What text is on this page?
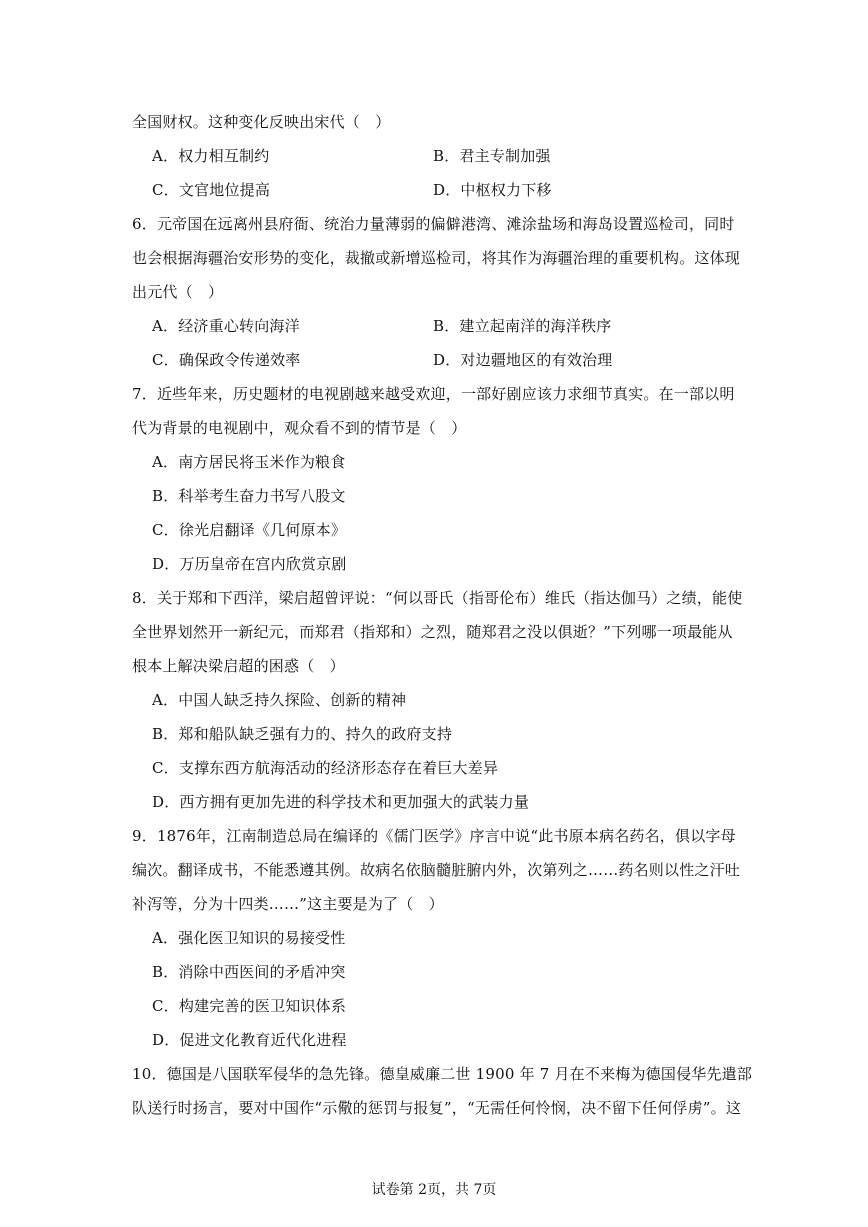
全国财权。这种变化反映出宋代（　）
A．权力相互制约	B．君主专制加强
C．文官地位提高	D．中枢权力下移
6．元帝国在远离州县府衙、统治力量薄弱的偏僻港湾、滩涂盐场和海岛设置巡检司，同时
也会根据海疆治安形势的变化，裁撤或新增巡检司，将其作为海疆治理的重要机构。这体现
出元代（　）
A．经济重心转向海洋	B．建立起南洋的海洋秩序
C．确保政令传递效率	D．对边疆地区的有效治理
7．近些年来，历史题材的电视剧越来越受欢迎，一部好剧应该力求细节真实。在一部以明
代为背景的电视剧中，观众看不到的情节是（　）
A．南方居民将玉米作为粮食
B．科举考生奋力书写八股文
C．徐光启翻译《几何原本》
D．万历皇帝在宫内欣赏京剧
8．关于郑和下西洋，梁启超曾评说：“何以哥氏（指哥伦布）维氏（指达伽马）之绩，能使
全世界划然开一新纪元，而郑君（指郑和）之烈，随郑君之没以俱逝？”下列哪一项最能从
根本上解决梁启超的困惑（　）
A．中国人缺乏持久探险、创新的精神
B．郑和船队缺乏强有力的、持久的政府支持
C．支撑东西方航海活动的经济形态存在着巨大差异
D．西方拥有更加先进的科学技术和更加强大的武装力量
9．1876年，江南制造总局在编译的《儒门医学》序言中说“此书原本病名药名，俱以字母
编次。翻译成书，不能悉遵其例。故病名依脑髓脏腑内外，次第列之……药名则以性之汗吐
补泻等，分为十四类……”这主要是为了（　）
A．强化医卫知识的易接受性
B．消除中西医间的矛盾冲突
C．构建完善的医卫知识体系
D．促进文化教育近代化进程
10．德国是八国联军侵华的急先锋。德皇威廉二世 1900 年 7 月在不来梅为德国侵华先遣部
队送行时扬言，要对中国作“示儆的惩罚与报复”，“无需任何怜悯，决不留下任何俘虏”。这
试卷第 2页，共 7页
